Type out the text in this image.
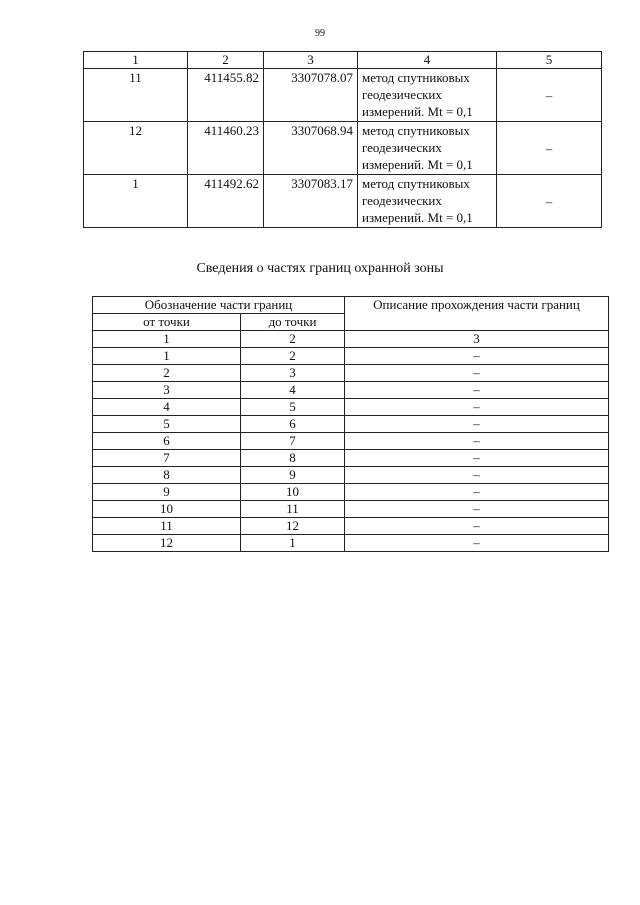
99
1	2	3	4	5
11	411455.82	3307078.07	метод спутниковых геодезических измерений. Mt = 0,1	–
12	411460.23	3307068.94	метод спутниковых геодезических измерений. Mt = 0,1	–
1	411492.62	3307083.17	метод спутниковых геодезических измерений. Mt = 0,1	–
Сведения о частях границ охранной зоны
Обозначение части границ		Описание прохождения части границ
от точки	до точки	
1	2	3
1	2	–
2	3	–
3	4	–
4	5	–
5	6	–
6	7	–
7	8	–
8	9	–
9	10	–
10	11	–
11	12	–
12	1	–
